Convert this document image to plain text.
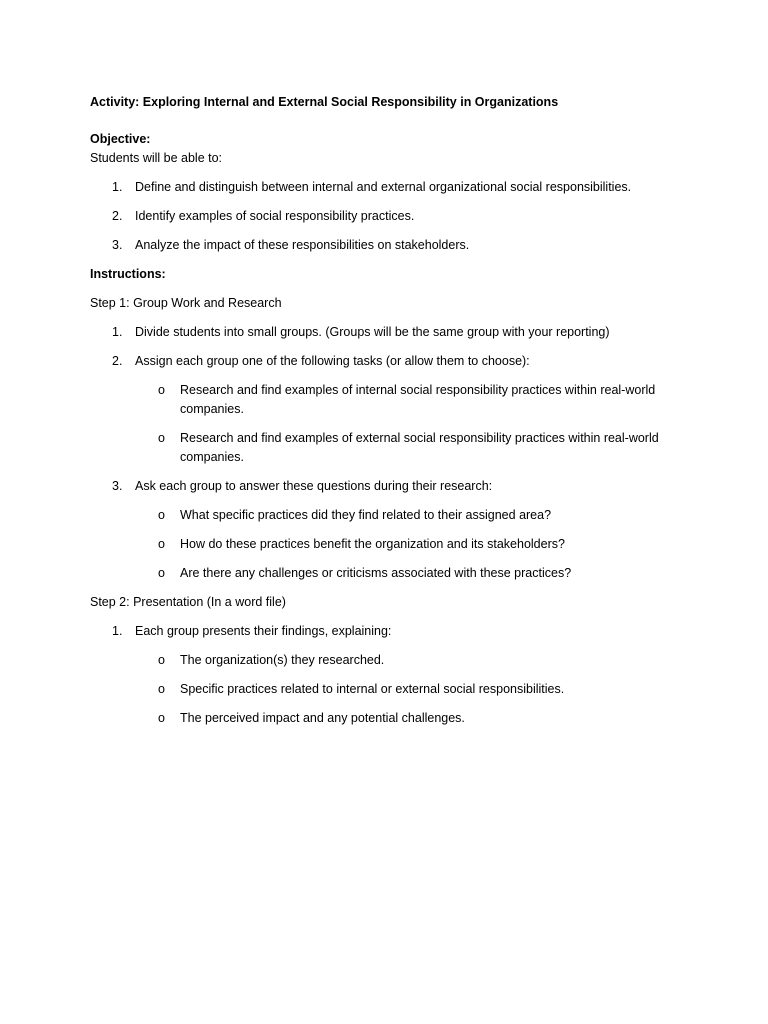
Activity: Exploring Internal and External Social Responsibility in Organizations
Objective:
Students will be able to:
1. Define and distinguish between internal and external organizational social responsibilities.
2. Identify examples of social responsibility practices.
3. Analyze the impact of these responsibilities on stakeholders.
Instructions:
Step 1: Group Work and Research
1. Divide students into small groups. (Groups will be the same group with your reporting)
2. Assign each group one of the following tasks (or allow them to choose):
o Research and find examples of internal social responsibility practices within real-world companies.
o Research and find examples of external social responsibility practices within real-world companies.
3. Ask each group to answer these questions during their research:
o What specific practices did they find related to their assigned area?
o How do these practices benefit the organization and its stakeholders?
o Are there any challenges or criticisms associated with these practices?
Step 2: Presentation (In a word file)
1. Each group presents their findings, explaining:
o The organization(s) they researched.
o Specific practices related to internal or external social responsibilities.
o The perceived impact and any potential challenges.
